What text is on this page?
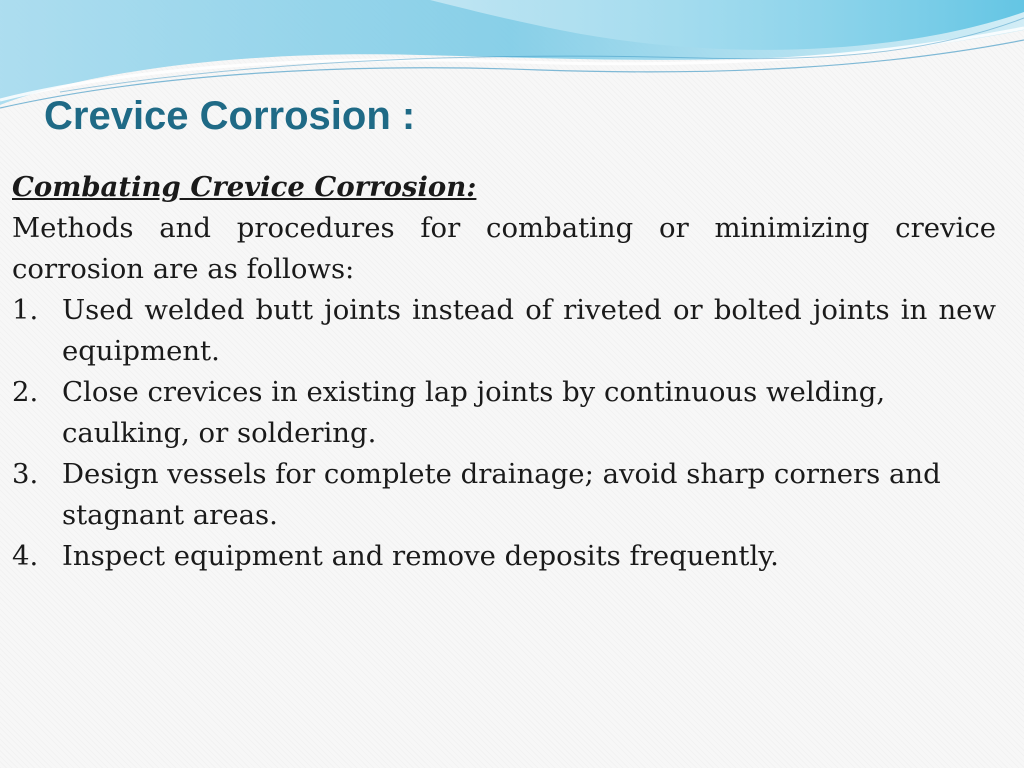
Crevice Corrosion :

Combating Crevice Corrosion:

Methods and procedures for combating or minimizing crevice corrosion are as follows:

1. Used welded butt joints instead of riveted or bolted joints in new equipment.
2. Close crevices in existing lap joints by continuous welding, caulking, or soldering.
3. Design vessels for complete drainage; avoid sharp corners and stagnant areas.
4. Inspect equipment and remove deposits frequently.
